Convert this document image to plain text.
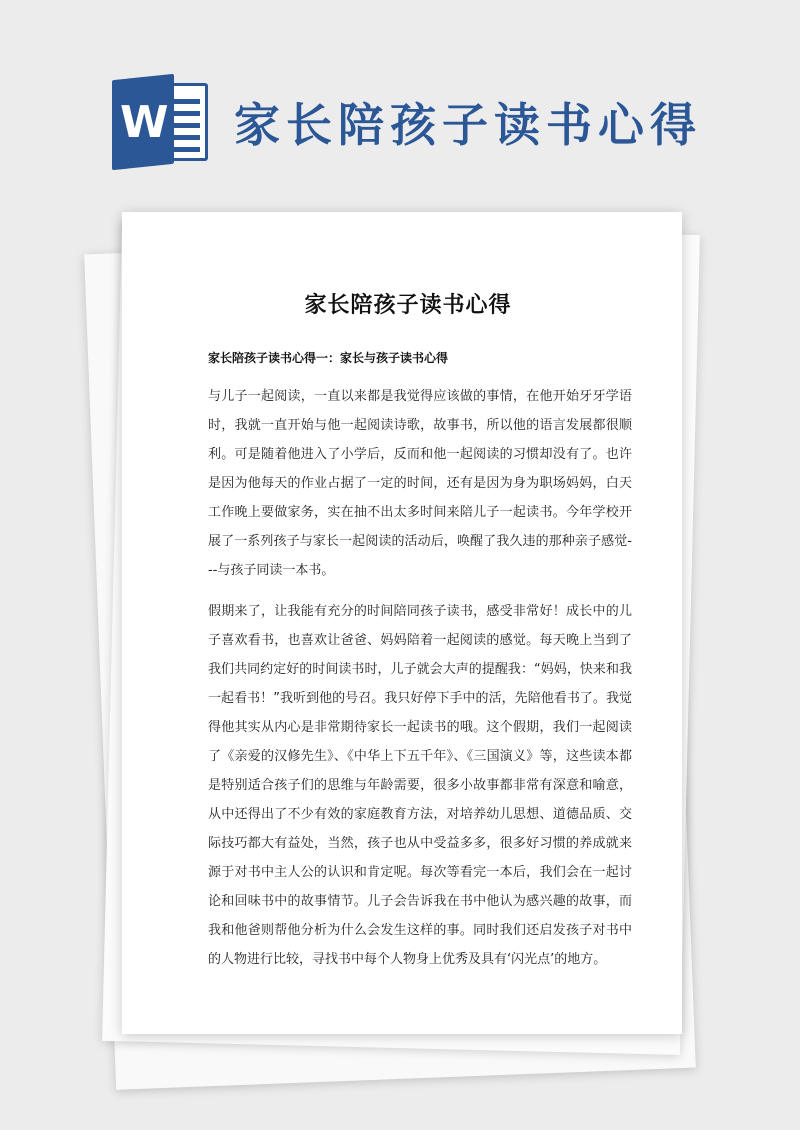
W 家长陪孩子读书心得
家长陪孩子读书心得
家长陪孩子读书心得一：家长与孩子读书心得

与儿子一起阅读，一直以来都是我觉得应该做的事情，在他开始牙牙学语时，我就一直开始与他一起阅读诗歌，故事书，所以他的语言发展都很顺利。可是随着他进入了小学后，反而和他一起阅读的习惯却没有了。也许是因为他每天的作业占据了一定的时间，还有是因为身为职场妈妈，白天工作晚上要做家务，实在抽不出太多时间来陪儿子一起读书。今年学校开展了一系列孩子与家长一起阅读的活动后，唤醒了我久违的那种亲子感觉---与孩子同读一本书。

假期来了，让我能有充分的时间陪同孩子读书，感受非常好！成长中的儿子喜欢看书，也喜欢让爸爸、妈妈陪着一起阅读的感觉。每天晚上当到了我们共同约定好的时间读书时，儿子就会大声的提醒我：“妈妈，快来和我一起看书！”我听到他的号召。我只好停下手中的活，先陪他看书了。我觉得他其实从内心是非常期待家长一起读书的哦。这个假期，我们一起阅读了《亲爱的汉修先生》、《中华上下五千年》、《三国演义》等，这些读本都是特别适合孩子们的思维与年龄需要，很多小故事都非常有深意和喻意，从中还得出了不少有效的家庭教育方法，对培养幼儿思想、道德品质、交际技巧都大有益处，当然，孩子也从中受益多多，很多好习惯的养成就来源于对书中主人公的认识和肯定呢。每次等看完一本后，我们会在一起讨论和回味书中的故事情节。儿子会告诉我在书中他认为感兴趣的故事，而我和他爸则帮他分析为什么会发生这样的事。同时我们还启发孩子对书中的人物进行比较，寻找书中每个人物身上优秀及具有‘闪光点’的地方。
